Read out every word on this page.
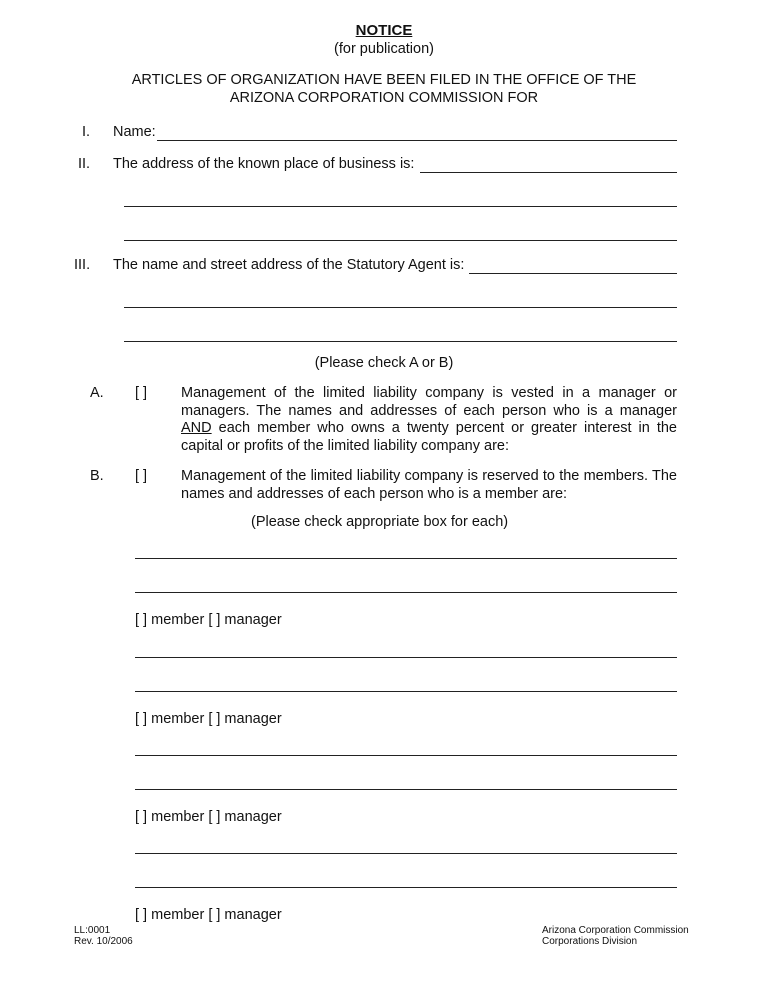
NOTICE
(for publication)
ARTICLES OF ORGANIZATION HAVE BEEN FILED IN THE OFFICE OF THE
ARIZONA CORPORATION COMMISSION FOR
I. Name:
II. The address of the known place of business is:
III. The name and street address of the Statutory Agent is:
(Please check A or B)
A. [ ] Management of the limited liability company is vested in a manager or managers. The names and addresses of each person who is a manager AND each member who owns a twenty percent or greater interest in the capital or profits of the limited liability company are:
B. [ ] Management of the limited liability company is reserved to the members. The names and addresses of each person who is a member are:
(Please check appropriate box for each)
[ ] member [ ] manager
[ ] member [ ] manager
[ ] member [ ] manager
[ ] member [ ] manager
LL:0001
Rev. 10/2006
Arizona Corporation Commission
Corporations Division
